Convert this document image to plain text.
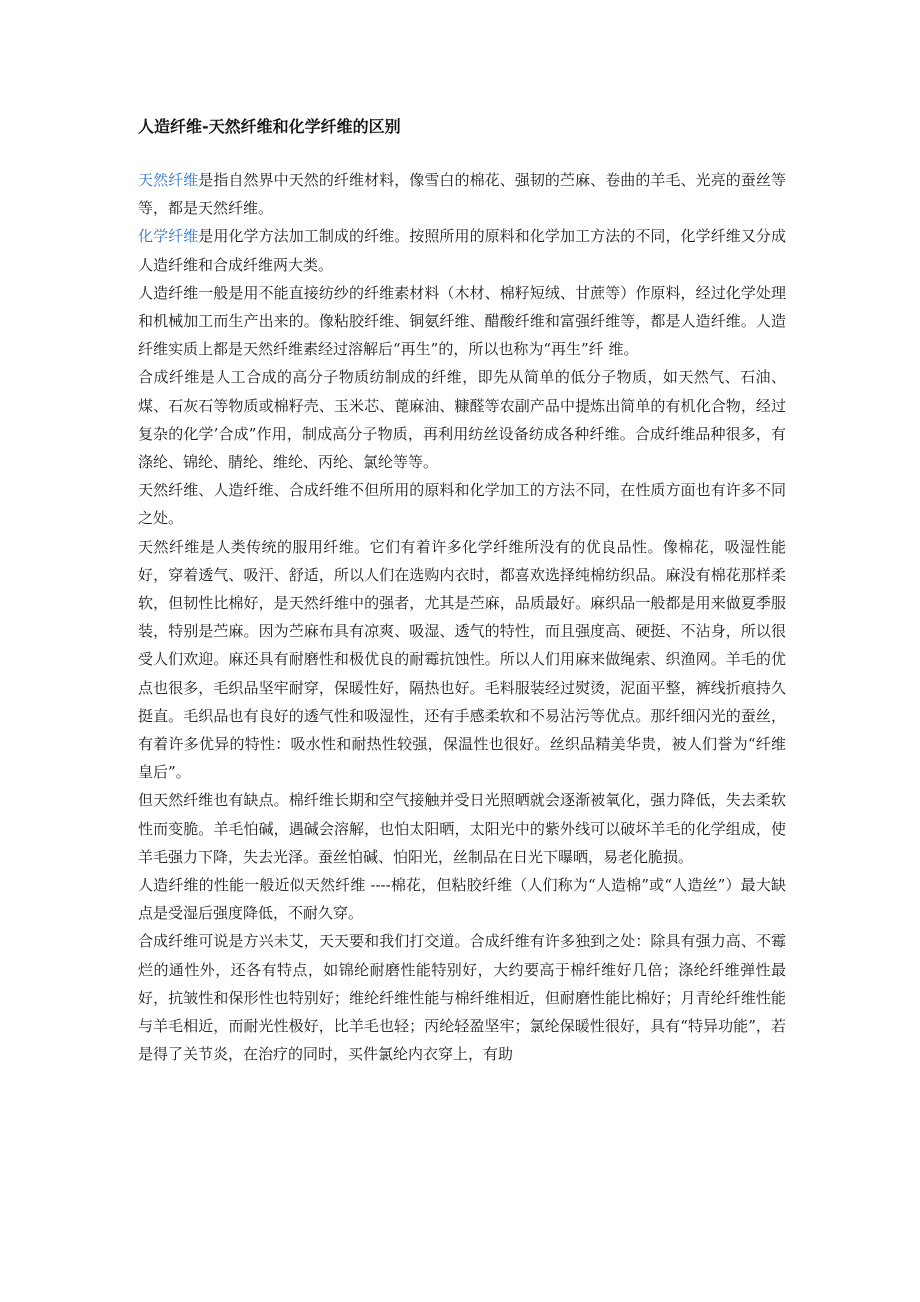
人造纤维-天然纤维和化学纤维的区别

天然纤维是指自然界中天然的纤维材料，像雪白的棉花、强韧的苎麻、卷曲的羊毛、光亮的蚕丝等等，都是天然纤维。

化学纤维是用化学方法加工制成的纤维。按照所用的原料和化学加工方法的不同，化学纤维又分成人造纤维和合成纤维两大类。

人造纤维一般是用不能直接纺纱的纤维素材料（木材、棉籽短绒、甘蔗等）作原料，经过化学处理和机械加工而生产出来的。像粘胶纤维、铜氨纤维、醋酸纤维和富强纤维等，都是人造纤维。人造纤维实质上都是天然纤维素经过溶解后“再生”的，所以也称为“再生”纤 维。

合成纤维是人工合成的高分子物质纺制成的纤维，即先从简单的低分子物质，如天然气、石油、煤、石灰石等物质或棉籽壳、玉米芯、蓖麻油、糠醛等农副产品中提炼出简单的有机化合物，经过复杂的化学’合成”作用，制成高分子物质，再利用纺丝设备纺成各种纤维。合成纤维品种很多，有涤纶、锦纶、腈纶、维纶、丙纶、氯纶等等。

天然纤维、人造纤维、合成纤维不但所用的原料和化学加工的方法不同，在性质方面也有许多不同之处。

天然纤维是人类传统的服用纤维。它们有着许多化学纤维所没有的优良品性。像棉花，吸湿性能好，穿着透气、吸汗、舒适，所以人们在选购内衣时，都喜欢选择纯棉纺织品。麻没有棉花那样柔软，但韧性比棉好，是天然纤维中的强者，尤其是苎麻，品质最好。麻织品一般都是用来做夏季服装，特别是苎麻。因为苎麻布具有凉爽、吸湿、透气的特性，而且强度高、硬挺、不沾身，所以很受人们欢迎。麻还具有耐磨性和极优良的耐霉抗蚀性。所以人们用麻来做绳索、织渔网。羊毛的优点也很多，毛织品坚牢耐穿，保暖性好，隔热也好。毛料服装经过熨烫，泥面平整，裤线折痕持久挺直。毛织品也有良好的透气性和吸湿性，还有手感柔软和不易沾污等优点。那纤细闪光的蚕丝，有着许多优异的特性：吸水性和耐热性较强，保温性也很好。丝织品精美华贵，被人们誉为“纤维皇后”。

但天然纤维也有缺点。棉纤维长期和空气接触并受日光照晒就会逐渐被氧化，强力降低，失去柔软性而变脆。羊毛怕碱，遇碱会溶解，也怕太阳晒，太阳光中的紫外线可以破坏羊毛的化学组成，使羊毛强力下降，失去光泽。蚕丝怕碱、怕阳光，丝制品在日光下曝晒，易老化脆损。

人造纤维的性能一般近似天然纤维 ----棉花，但粘胶纤维（人们称为“人造棉”或“人造丝”）最大缺点是受湿后强度降低，不耐久穿。

合成纤维可说是方兴未艾，天天要和我们打交道。合成纤维有许多独到之处：除具有强力高、不霉烂的通性外，还各有特点，如锦纶耐磨性能特别好，大约要高于棉纤维好几倍；涤纶纤维弹性最好，抗皱性和保形性也特别好；维纶纤维性能与棉纤维相近，但耐磨性能比棉好；月青纶纤维性能与羊毛相近，而耐光性极好，比羊毛也轻；丙纶轻盈坚牢；氯纶保暖性很好，具有“特异功能”，若是得了关节炎，在治疗的同时，买件氯纶内衣穿上，有助
